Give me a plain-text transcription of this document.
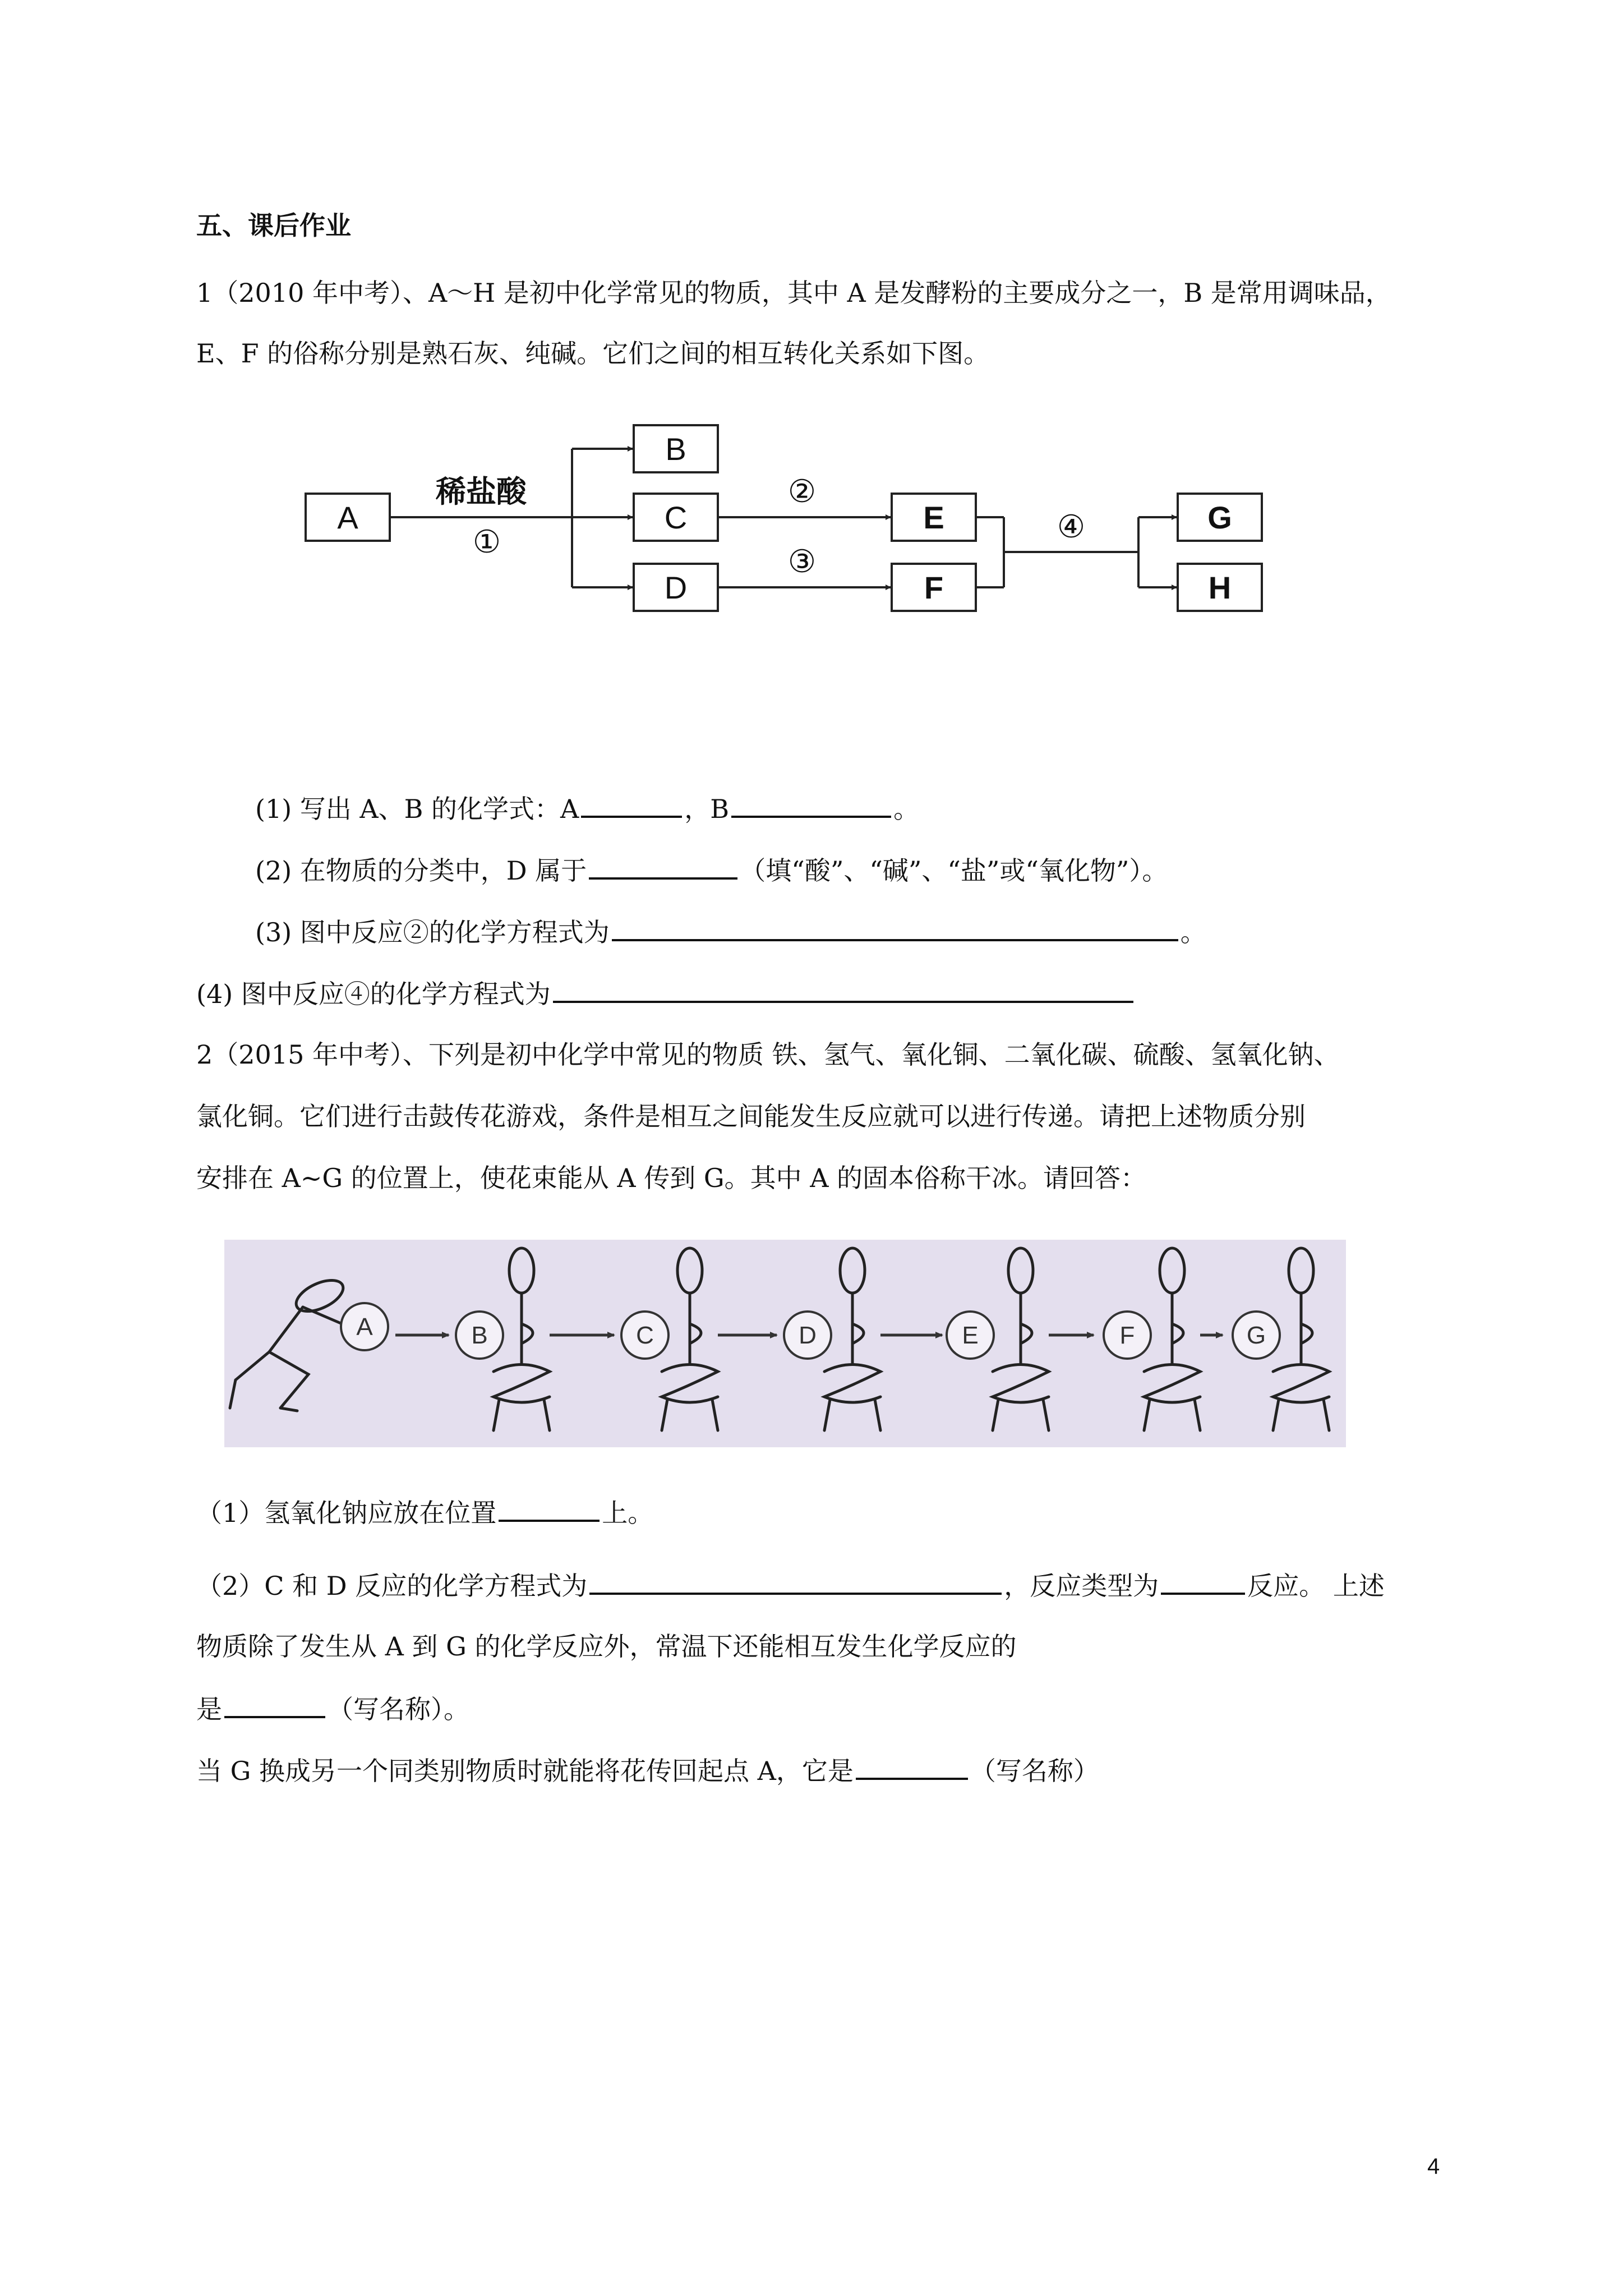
五、课后作业
1（2010 年中考）、A～H 是初中化学常见的物质，其中 A 是发酵粉的主要成分之一，B 是常用调味品，
E、F 的俗称分别是熟石灰、纯碱。它们之间的相互转化关系如下图。
A
B
C
D
E
F
G
H
稀盐酸
①
②
③
④
(1) 写出 A、B 的化学式：A	，B	。
(2) 在物质的分类中，D 属于	（填“酸”、“碱”、“盐”或“氧化物”）。
(3) 图中反应②的化学方程式为	。
(4) 图中反应④的化学方程式为
2（2015 年中考）、下列是初中化学中常见的物质 铁、氢气、氧化铜、二氧化碳、硫酸、氢氧化钠、
氯化铜。它们进行击鼓传花游戏，条件是相互之间能发生反应就可以进行传递。请把上述物质分别
安排在 A~G 的位置上，使花束能从 A 传到 G。其中 A 的固本俗称干冰。请回答：
A	B	C	D	E	F	G
（1）氢氧化钠应放在位置	上。
（2）C 和 D 反应的化学方程式为	，反应类型为	反应。 上述
物质除了发生从 A 到 G 的化学反应外，常温下还能相互发生化学反应的
是	（写名称）。
当 G 换成另一个同类别物质时就能将花传回起点 A，它是	（写名称）
4
